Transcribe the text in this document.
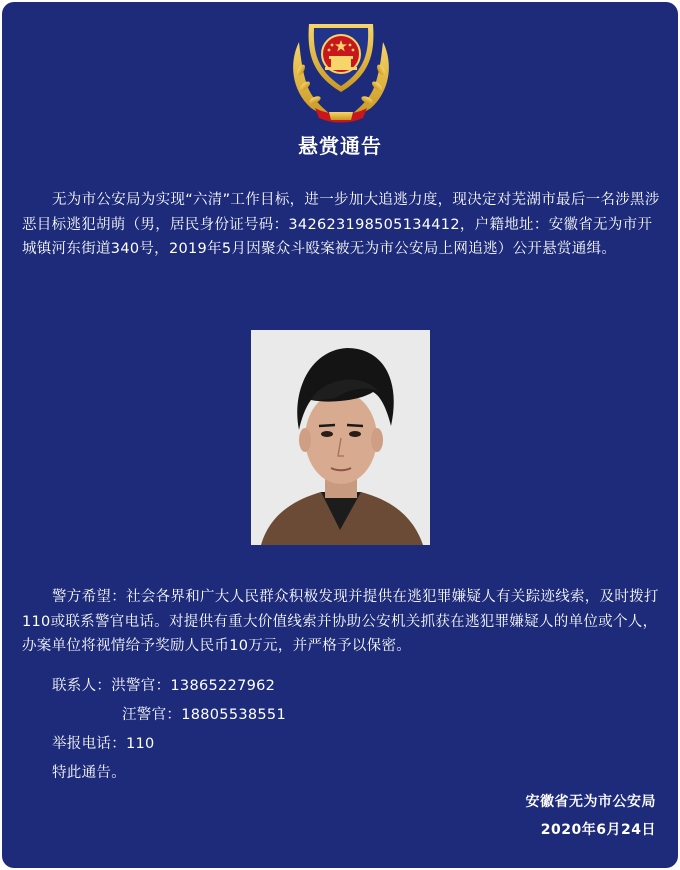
悬赏通告

无为市公安局为实现“六清”工作目标，进一步加大追逃力度，现决定对芜湖市最后一名涉黑涉恶目标逃犯胡萌（男，居民身份证号码：342623198505134412，户籍地址：安徽省无为市开城镇河东街道340号，2019年5月因聚众斗殴案被无为市公安局上网追逃）公开悬赏通缉。

警方希望：社会各界和广大人民群众积极发现并提供在逃犯罪嫌疑人有关踪迹线索，及时拨打110或联系警官电话。对提供有重大价值线索并协助公安机关抓获在逃犯罪嫌疑人的单位或个人，办案单位将视情给予奖励人民币10万元，并严格予以保密。

联系人：洪警官：13865227962
汪警官：18805538551
举报电话：110
特此通告。
安徽省无为市公安局
2020年6月24日
